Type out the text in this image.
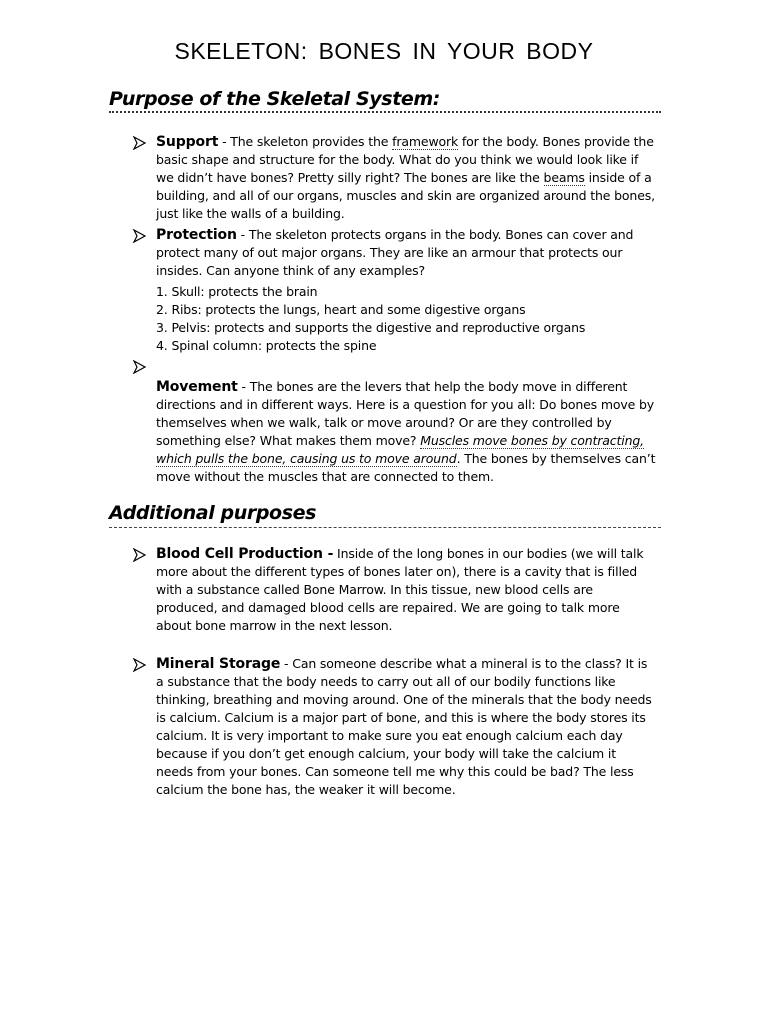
SKELETON: BONES IN YOUR BODY
Purpose of the Skeletal System:
Support - The skeleton provides the framework for the body. Bones provide the basic shape and structure for the body. What do you think we would look like if we didn’t have bones? Pretty silly right? The bones are like the beams inside of a building, and all of our organs, muscles and skin are organized around the bones, just like the walls of a building.
Protection - The skeleton protects organs in the body. Bones can cover and protect many of out major organs. They are like an armour that protects our insides. Can anyone think of any examples?
1. Skull: protects the brain
2. Ribs: protects the lungs, heart and some digestive organs
3. Pelvis: protects and supports the digestive and reproductive organs
4. Spinal column: protects the spine
Movement - The bones are the levers that help the body move in different directions and in different ways. Here is a question for you all: Do bones move by themselves when we walk, talk or move around? Or are they controlled by something else? What makes them move? Muscles move bones by contracting, which pulls the bone, causing us to move around. The bones by themselves can’t move without the muscles that are connected to them.
Additional purposes
Blood Cell Production - Inside of the long bones in our bodies (we will talk more about the different types of bones later on), there is a cavity that is filled with a substance called Bone Marrow. In this tissue, new blood cells are produced, and damaged blood cells are repaired. We are going to talk more about bone marrow in the next lesson.
Mineral Storage - Can someone describe what a mineral is to the class? It is a substance that the body needs to carry out all of our bodily functions like thinking, breathing and moving around. One of the minerals that the body needs is calcium. Calcium is a major part of bone, and this is where the body stores its calcium. It is very important to make sure you eat enough calcium each day because if you don’t get enough calcium, your body will take the calcium it needs from your bones. Can someone tell me why this could be bad? The less calcium the bone has, the weaker it will become.
